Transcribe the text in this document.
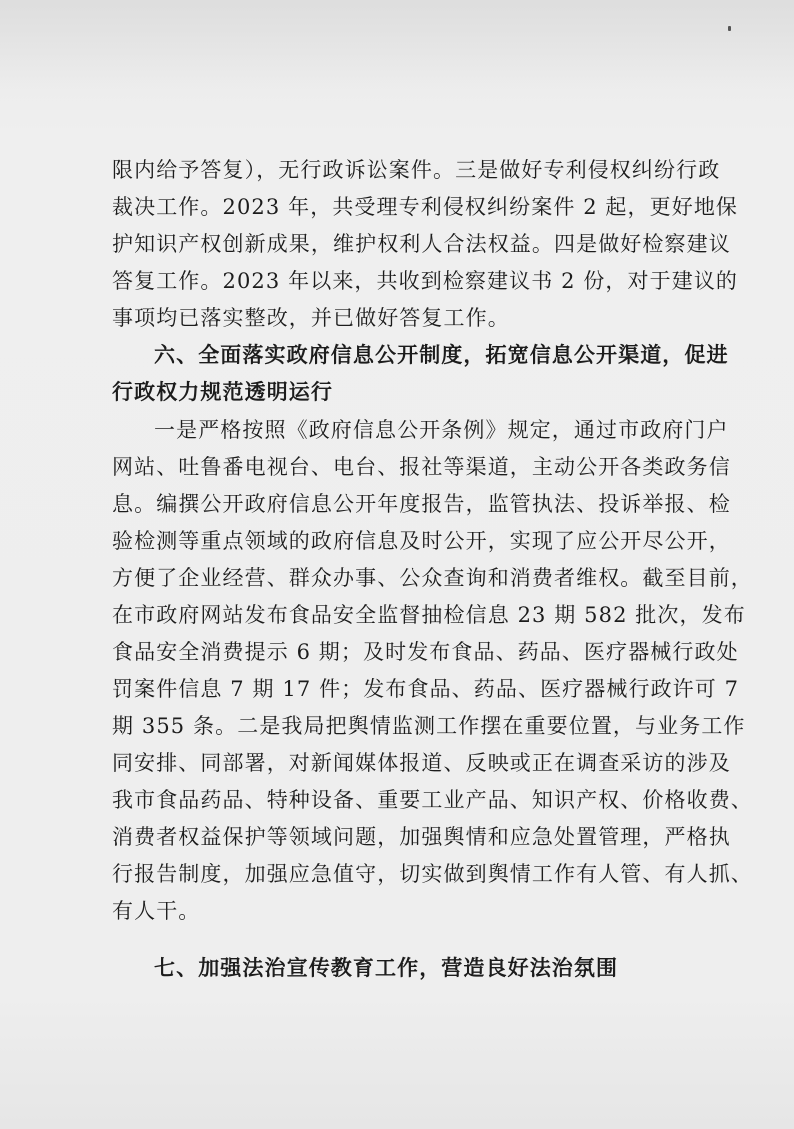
限内给予答复），无行政诉讼案件。三是做好专利侵权纠纷行政
裁决工作。2023 年，共受理专利侵权纠纷案件 2 起，更好地保
护知识产权创新成果，维护权利人合法权益。四是做好检察建议
答复工作。2023 年以来，共收到检察建议书 2 份，对于建议的
事项均已落实整改，并已做好答复工作。
六、全面落实政府信息公开制度，拓宽信息公开渠道，促进
行政权力规范透明运行
一是严格按照《政府信息公开条例》规定，通过市政府门户
网站、吐鲁番电视台、电台、报社等渠道，主动公开各类政务信
息。编撰公开政府信息公开年度报告，监管执法、投诉举报、检
验检测等重点领域的政府信息及时公开，实现了应公开尽公开，
方便了企业经营、群众办事、公众查询和消费者维权。截至目前，
在市政府网站发布食品安全监督抽检信息 23 期 582 批次，发布
食品安全消费提示 6 期；及时发布食品、药品、医疗器械行政处
罚案件信息 7 期 17 件；发布食品、药品、医疗器械行政许可 7
期 355 条。二是我局把舆情监测工作摆在重要位置，与业务工作
同安排、同部署，对新闻媒体报道、反映或正在调查采访的涉及
我市食品药品、特种设备、重要工业产品、知识产权、价格收费、
消费者权益保护等领域问题，加强舆情和应急处置管理，严格执
行报告制度，加强应急值守，切实做到舆情工作有人管、有人抓、
有人干。
七、加强法治宣传教育工作，营造良好法治氛围
